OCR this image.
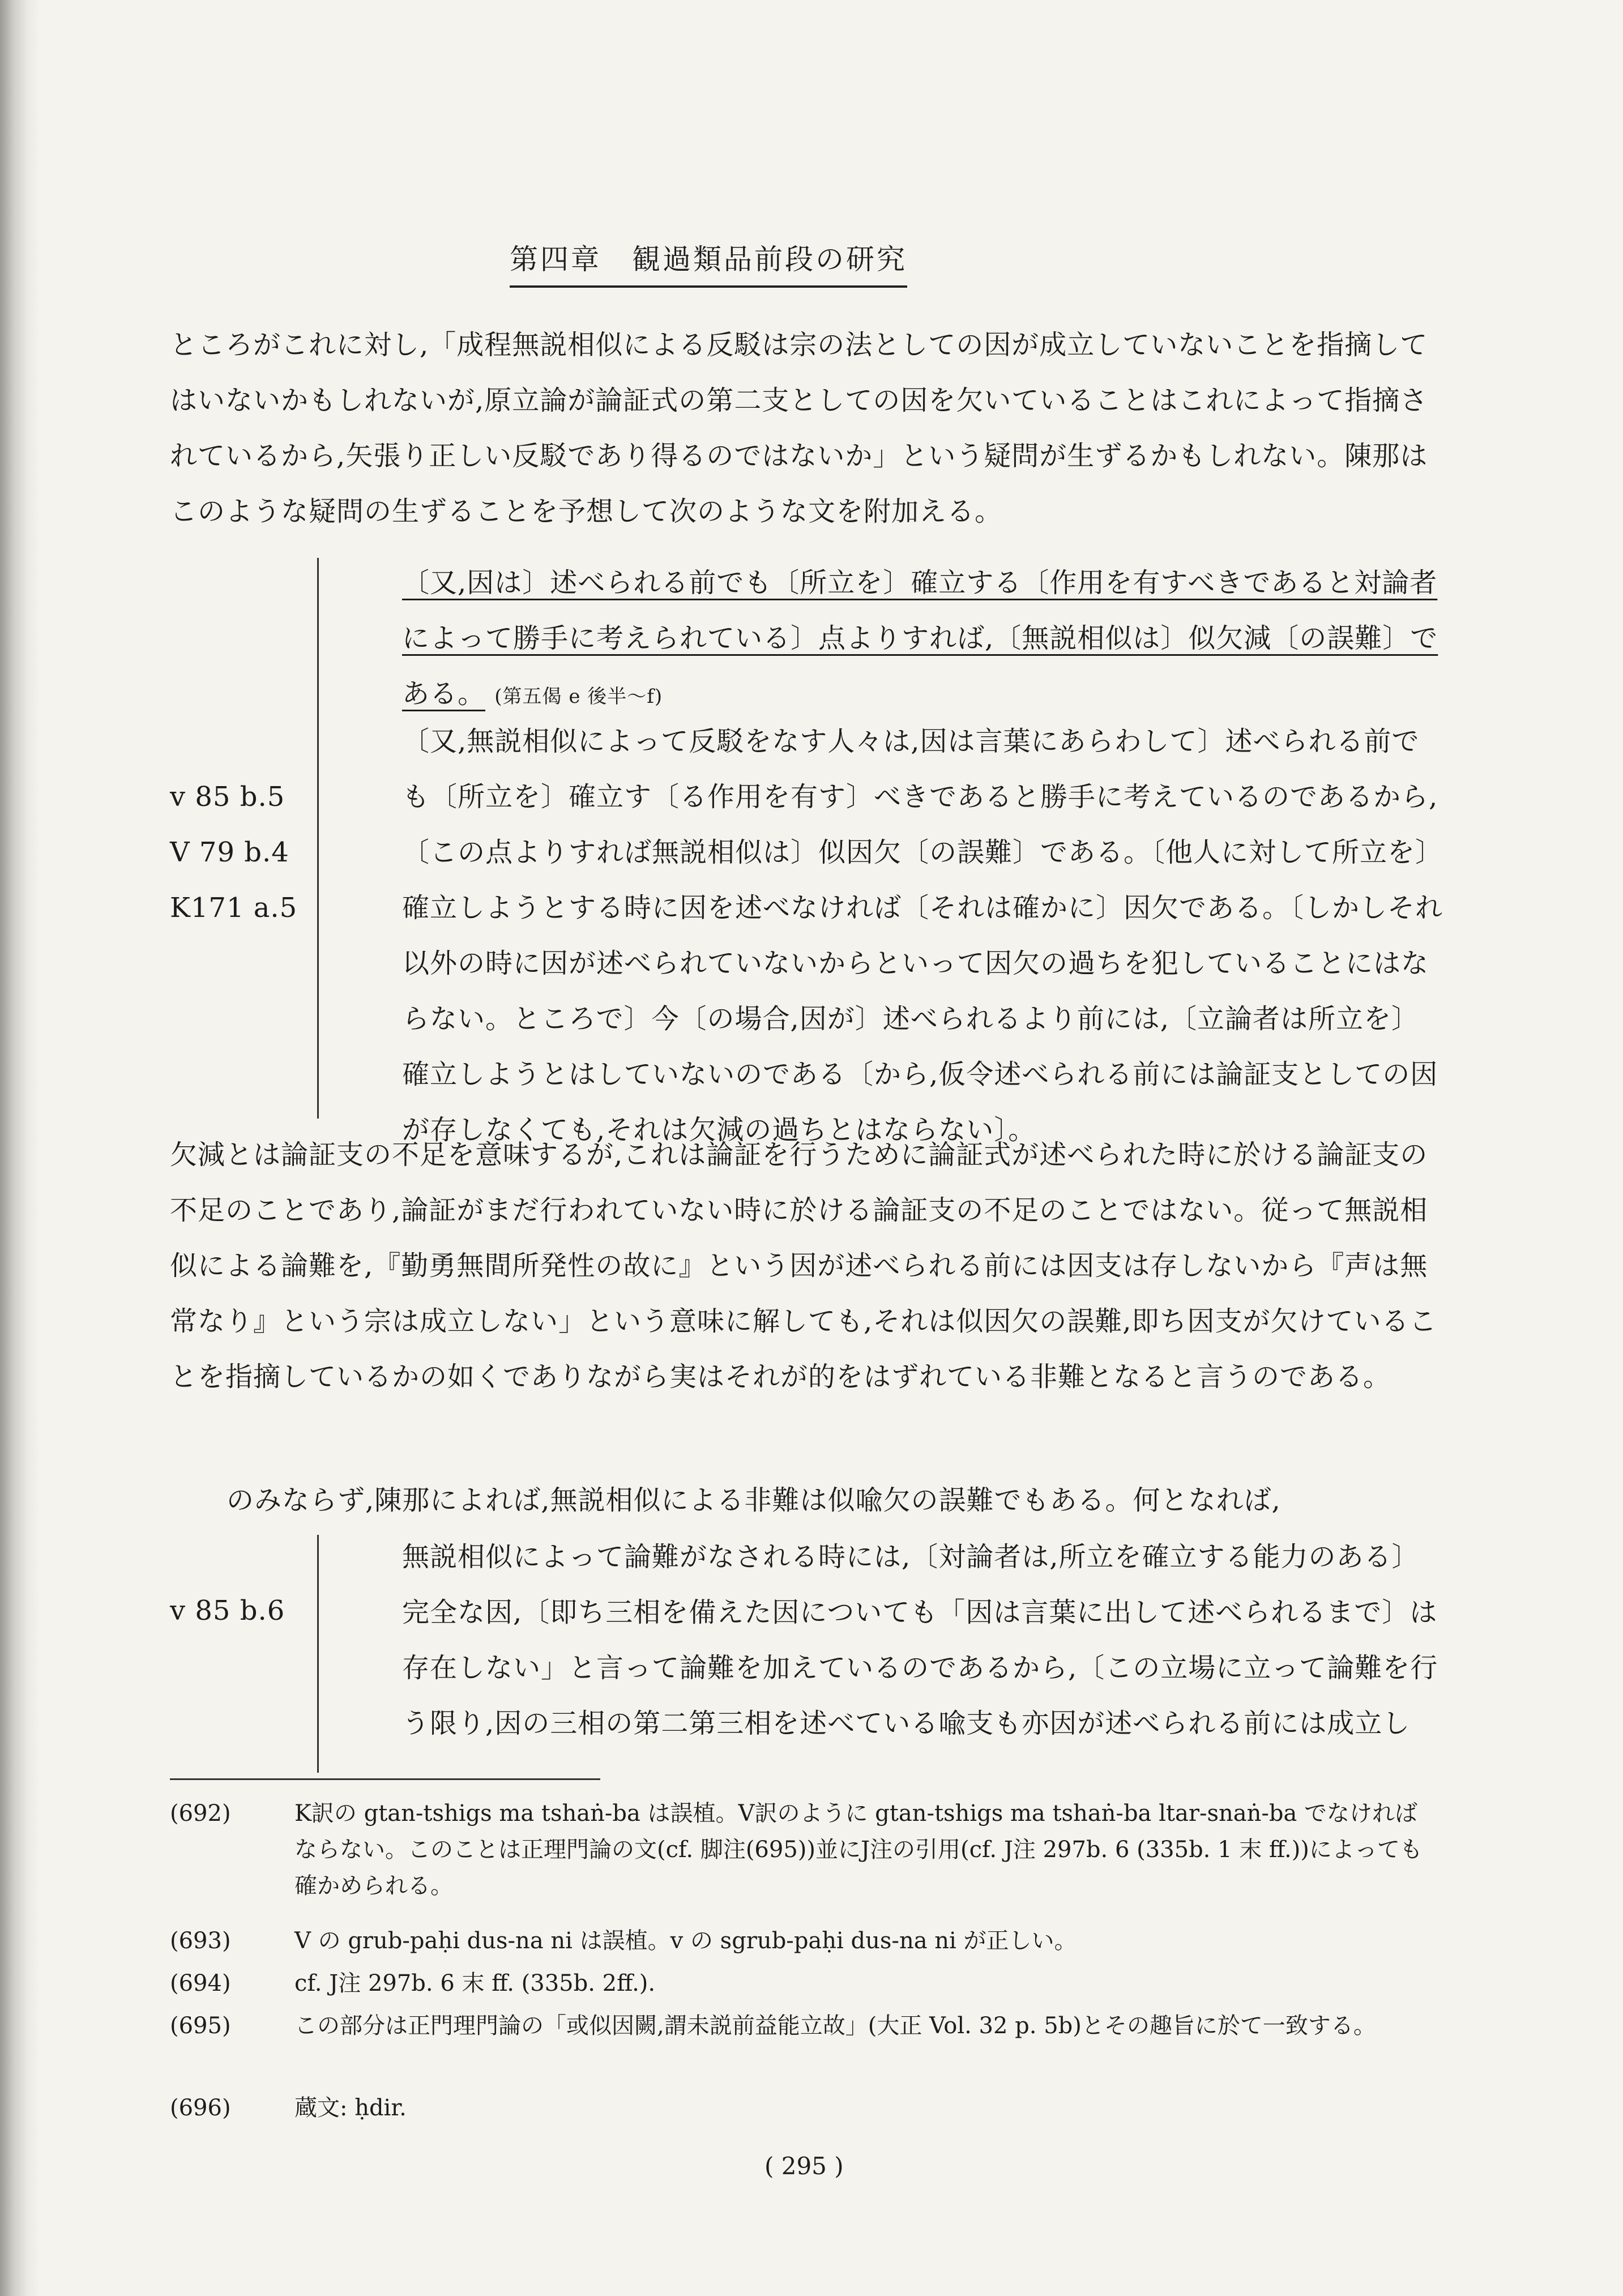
第四章　観過類品前段の研究
ところがこれに対し,「成程無説相似による反駁は宗の法としての因が成立していないことを指摘してはいないかもしれないが,原立論が論証式の第二支としての因を欠いていることはこれによって指摘されているから,矢張り正しい反駁であり得るのではないか」という疑問が生ずるかもしれない。陳那はこのような疑問の生ずることを予想して次のような文を附加える。
〔又,因は〕述べられる前でも〔所立を〕確立する〔作用を有すべきであると対論者によって勝手に考えられている〕点よりすれば,〔無説相似は〕似欠減〔の誤難〕である。 (第五偈 e 後半〜f)
v 85 b.5
V 79 b.4
K171 a.5
〔又,無説相似によって反駁をなす人々は,因は言葉にあらわして〕述べられる前でも〔所立を〕確立す〔る作用を有す〕べきであると勝手に考えているのであるから,〔この点よりすれば無説相似は〕似因欠〔の誤難〕である。〔他人に対して所立を〕確立しようとする時に因を述べなければ〔それは確かに〕因欠である。〔しかしそれ以外の時に因が述べられていないからといって因欠の過ちを犯していることにはならない。ところで〕今〔の場合,因が〕述べられるより前には,〔立論者は所立を〕確立しようとはしていないのである〔から,仮令述べられる前には論証支としての因が存しなくても,それは欠減の過ちとはならない〕。
欠減とは論証支の不足を意味するが,これは論証を行うために論証式が述べられた時に於ける論証支の不足のことであり,論証がまだ行われていない時に於ける論証支の不足のことではない。従って無説相似による論難を,『勤勇無間所発性の故に』という因が述べられる前には因支は存しないから『声は無常なり』という宗は成立しない」という意味に解しても,それは似因欠の誤難,即ち因支が欠けていることを指摘しているかの如くでありながら実はそれが的をはずれている非難となると言うのである。
のみならず,陳那によれば,無説相似による非難は似喩欠の誤難でもある。何となれば,
v 85 b.6
無説相似によって論難がなされる時には,〔対論者は,所立を確立する能力のある〕完全な因,〔即ち三相を備えた因についても「因は言葉に出して述べられるまで〕は存在しない」と言って論難を加えているのであるから,〔この立場に立って論難を行う限り,因の三相の第二第三相を述べている喩支も亦因が述べられる前には成立し
(692)	K訳の gtan-tshigs ma tshaṅ-ba は誤植。V訳のように gtan-tshigs ma tshaṅ-ba ltar-snaṅ-ba でなければならない。このことは正理門論の文(cf. 脚注(695))並にJ注の引用(cf. J注 297b. 6 (335b. 1 末 ff.))によっても確かめられる。
(693)	V の grub-paḥi dus-na ni は誤植。v の sgrub-paḥi dus-na ni が正しい。
(694)	cf. J注 297b. 6 末 ff. (335b. 2ff.).
(695)	この部分は正門理門論の「或似因闕,謂未説前益能立故」(大正 Vol. 32 p. 5b)とその趣旨に於て一致する。
(696)	蔵文: ḥdir.
( 295 )
